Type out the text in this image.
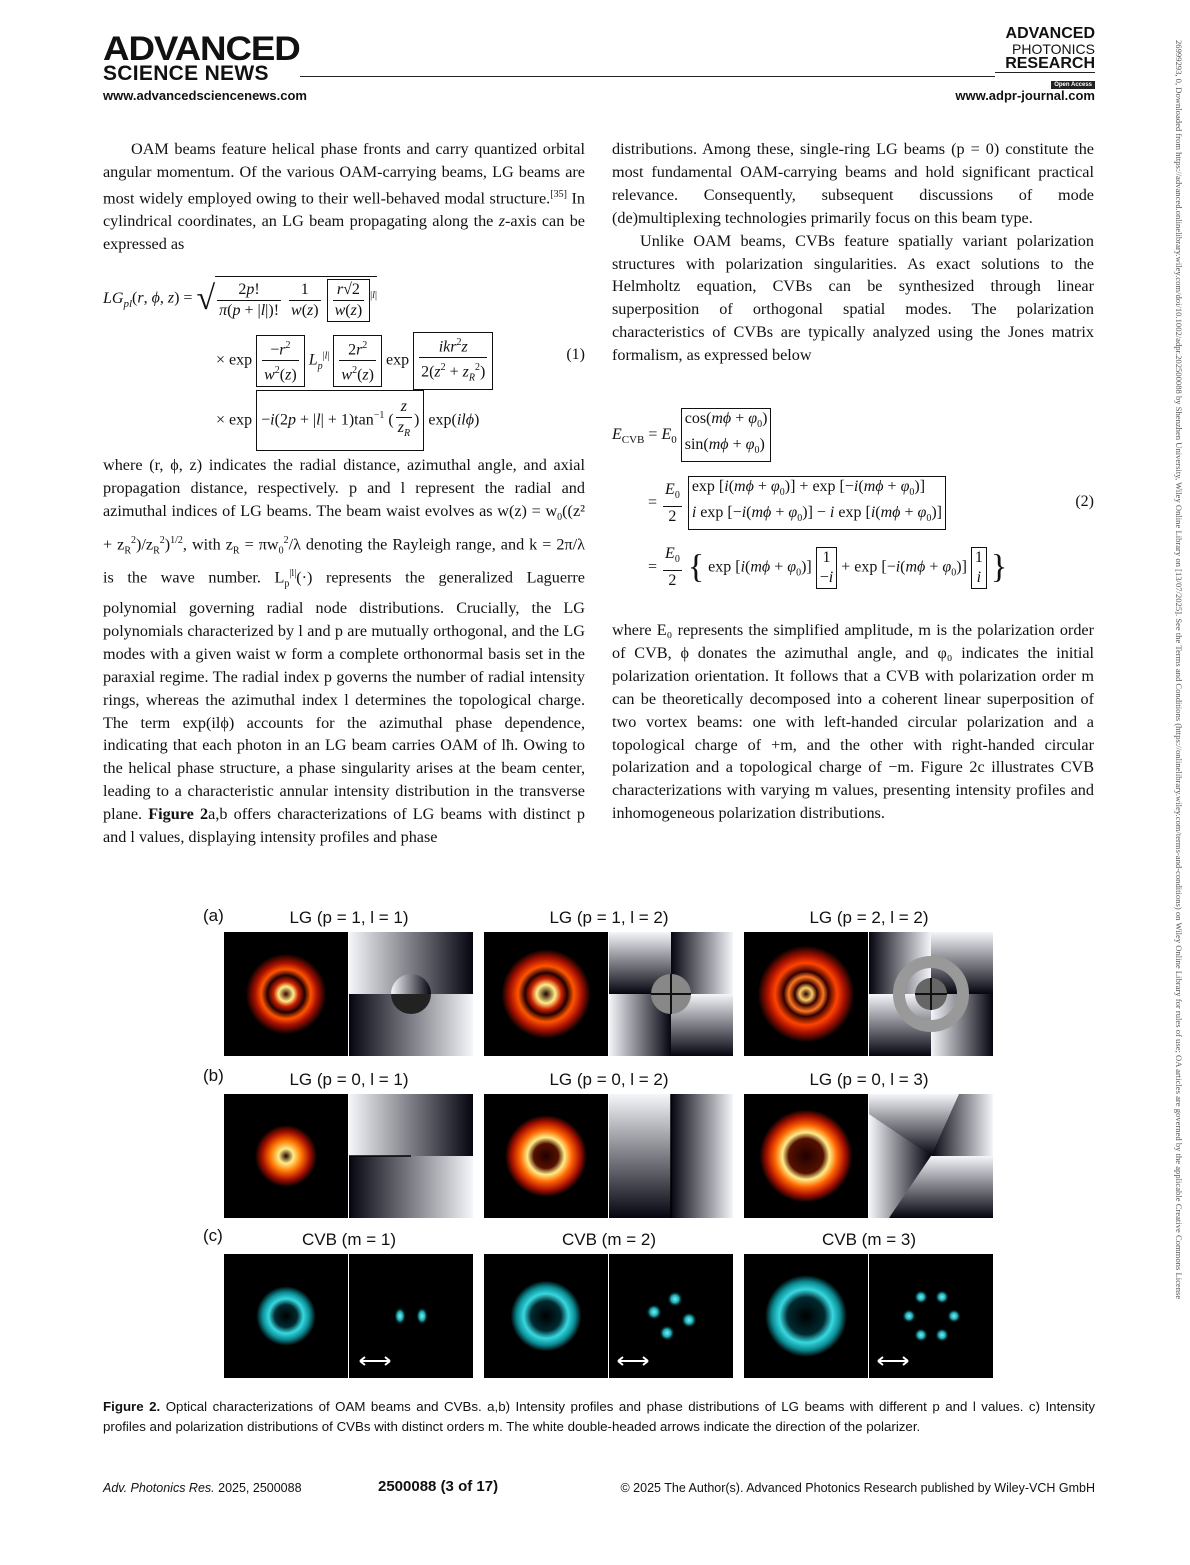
ADVANCED
SCIENCE NEWS
ADVANCED
PHOTONICS
RESEARCH
Open Access
www.advancedsciencenews.com	www.adpr-journal.com	26999293, 0, Downloaded from https://advanced.onlinelibrary.wiley.com/doi/10.1002/adpr.202500088 by Shenzhen University, Wiley Online Library on [13/07/2025]. See the Terms and Conditions (https://onlinelibrary.wiley.com/terms-and-conditions) on Wiley Online Library for rules of use; OA articles are governed by the applicable Creative Commons License

OAM beams feature helical phase fronts and carry quantized orbital angular momentum. Of the various OAM-carrying beams, LG beams are most widely employed owing to their well-behaved modal structure.[35] In cylindrical coordinates, an LG beam propagating along the z-axis can be expressed as

$LG_{pl}(r$, ϕ, z) = √ $\frac{2p!}{\pi(p + |l|)!}$
$\frac{1}{w(z)}$
$\frac{r√2}{w(z)} ^{|l|}$
× $\exp \frac{-r^2}{w^2(z)} L_p^{|l|} \frac{2r^2}{w^2(z)}$ $\exp \frac{ikr^2z}{2(z^2 + z_R^2)}$	(1)
× $\exp -i(2p + |l| + 1)\tan^{-1}$ ( $\frac{z}{z_R}$ ) exp(ilϕ)

where (r, ϕ, z) indicates the radial distance, azimuthal angle, and axial propagation distance, respectively. p and l represent the radial and azimuthal indices of LG beams. The beam waist evolves as $w(z) = w_0((z^2 + z_R^2)/z_R^2)^{1/2}$, with $z_R = \pi w_0^2/\lambda$ denoting the Rayleigh range, and k = 2π/λ is the wave number. $L_p^{|l|}(\cdot)$ represents the generalized Laguerre polynomial governing radial node distributions. Crucially, the LG polynomials characterized by l and p are mutually orthogonal, and the LG modes with a given waist w form a complete orthonormal basis set in the paraxial regime. The radial index p governs the number of radial intensity rings, whereas the azimuthal index l determines the topological charge. The term exp(ilϕ) accounts for the azimuthal phase dependence, indicating that each photon in an LG beam carries OAM of lħ. Owing to the helical phase structure, a phase singularity arises at the beam center, leading to a characteristic annular intensity distribution in the transverse plane. Figure 2a,b offers characterizations of LG beams with distinct p and l values, displaying intensity profiles and phase

distributions. Among these, single-ring LG beams (p = 0) constitute the most fundamental OAM-carrying beams and hold significant practical relevance. Consequently, subsequent discussions of mode (de)multiplexing technologies primarily focus on this beam type.

Unlike OAM beams, CVBs feature spatially variant polarization structures with polarization singularities. As exact solutions to the Helmholtz equation, CVBs can be synthesized through linear superposition of orthogonal spatial modes. The polarization characteristics of CVBs are typically analyzed using the Jones matrix formalism, as expressed below

$E_{CVB} = E_0$
$\cos(m\phi + \varphi_0)$
$\sin(m\phi + \varphi_0)$
= $\frac{E_0}{2}$
$\exp [i(m\phi + \varphi_0)] + \exp [-i(m\phi + \varphi_0)]$
i $\exp [-i(m\phi + \varphi_0)] - i$ $\exp [i(m\phi + \varphi_0)]$
(2)
= $\frac{E_0}{2}$ { $\exp [i(m\phi + \varphi_0)]$
1
−i
+ $\exp [-i(m\phi + \varphi_0)]$
1
i }

where E₀ represents the simplified amplitude, m is the polarization order of CVB, ϕ donates the azimuthal angle, and φ₀ indicates the initial polarization orientation. It follows that a CVB with polarization order m can be theoretically decomposed into a coherent linear superposition of two vortex beams: one with left-handed circular polarization and a topological charge of +m, and the other with right-handed circular polarization and a topological charge of −m. Figure 2c illustrates CVB characterizations with varying m values, presenting intensity profiles and inhomogeneous polarization distributions.

(a)	LG (p = 1, l = 1)	LG (p = 1, l = 2)	LG (p = 2, l = 2)
(b)	LG (p = 0, l = 1)	LG (p = 0, l = 2)	LG (p = 0, l = 3)
(c)	CVB (m = 1)	CVB (m = 2)	CVB (m = 3)
Figure 2. Optical characterizations of OAM beams and CVBs. a,b) Intensity profiles and phase distributions of LG beams with different p and l values. c) Intensity profiles and polarization distributions of CVBs with distinct orders m. The white double-headed arrows indicate the direction of the polarizer.
Adv. Photonics Res. 2025, 2500088	2500088 (3 of 17)	© 2025 The Author(s). Advanced Photonics Research published by Wiley-VCH GmbH
